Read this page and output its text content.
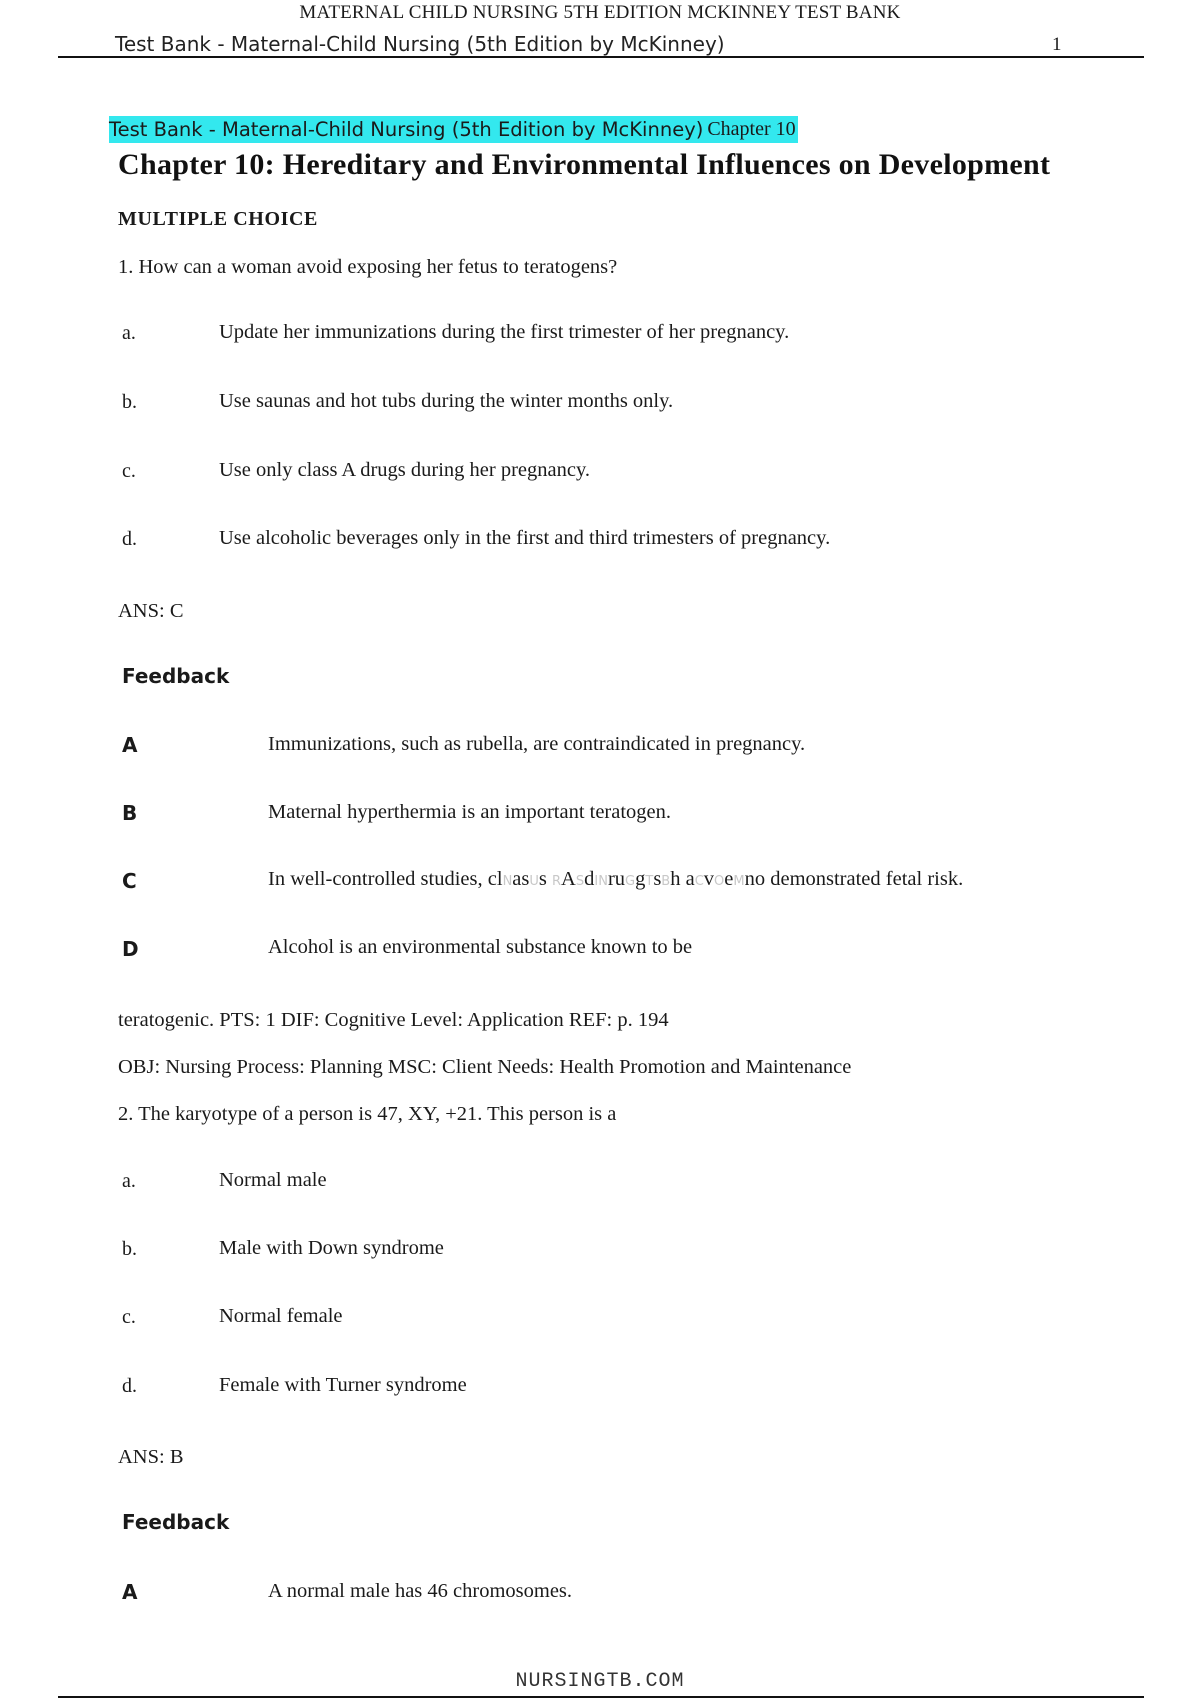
MATERNAL CHILD NURSING 5TH EDITION MCKINNEY TEST BANK
Test Bank - Maternal-Child Nursing (5th Edition by McKinney)	1
Test Bank - Maternal-Child Nursing (5th Edition by McKinney) Chapter 10
Chapter 10: Hereditary and Environmental Influences on Development
MULTIPLE CHOICE
1. How can a woman avoid exposing her fetus to teratogens?
a.	Update her immunizations during the first trimester of her pregnancy.
b.	Use saunas and hot tubs during the winter months only.
c.	Use only class A drugs during her pregnancy.
d.	Use alcoholic beverages only in the first and third trimesters of pregnancy.
ANS: C
Feedback
A	Immunizations, such as rubella, are contraindicated in pregnancy.
B	Maternal hyperthermia is an important teratogen.
C	In well-controlled studies, clNasUs RASdINruGgTsBh aCvOeMno demonstrated fetal risk.
D	Alcohol is an environmental substance known to be
teratogenic. PTS: 1 DIF: Cognitive Level: Application REF: p. 194
OBJ: Nursing Process: Planning MSC: Client Needs: Health Promotion and Maintenance
2. The karyotype of a person is 47, XY, +21. This person is a
a.	Normal male
b.	Male with Down syndrome
c.	Normal female
d.	Female with Turner syndrome
ANS: B
Feedback
A	A normal male has 46 chromosomes.
NURSINGTB.COM
